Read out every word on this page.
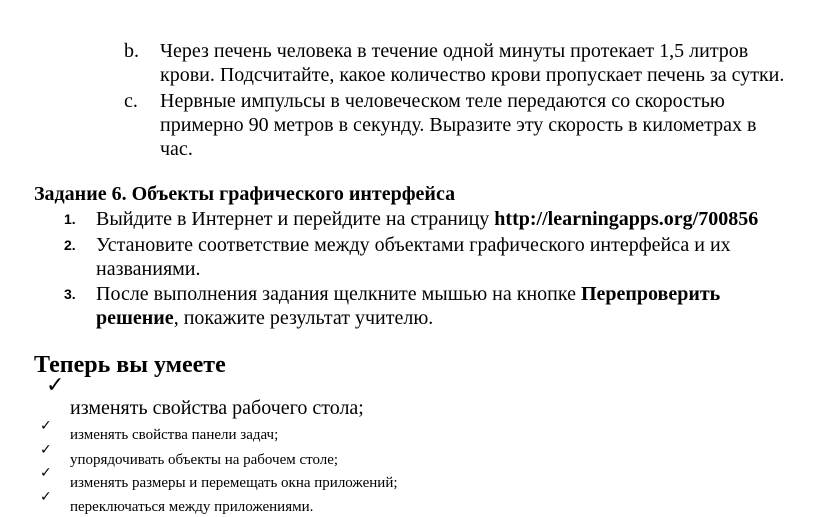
b. Через печень человека в течение одной минуты протекает 1,5 литров
крови. Подсчитайте, какое количество крови пропускает печень за сутки.
c. Нервные импульсы в человеческом теле передаются со скоростью
примерно 90 метров в секунду. Выразите эту скорость в километрах в
час.
Задание 6. Объекты графического интерфейса
1. Выйдите в Интернет и перейдите на страницу http://learningapps.org/700856
2. Установите соответствие между объектами графического интерфейса и их
названиями.
3. После выполнения задания щелкните мышью на кнопке Перепроверить
решение, покажите результат учителю.
Теперь вы умеете
✓
изменять свойства рабочего стола;
✓
изменять свойства панели задач;
✓
упорядочивать объекты на рабочем столе;
✓
изменять размеры и перемещать окна приложений;
✓
переключаться между приложениями.
